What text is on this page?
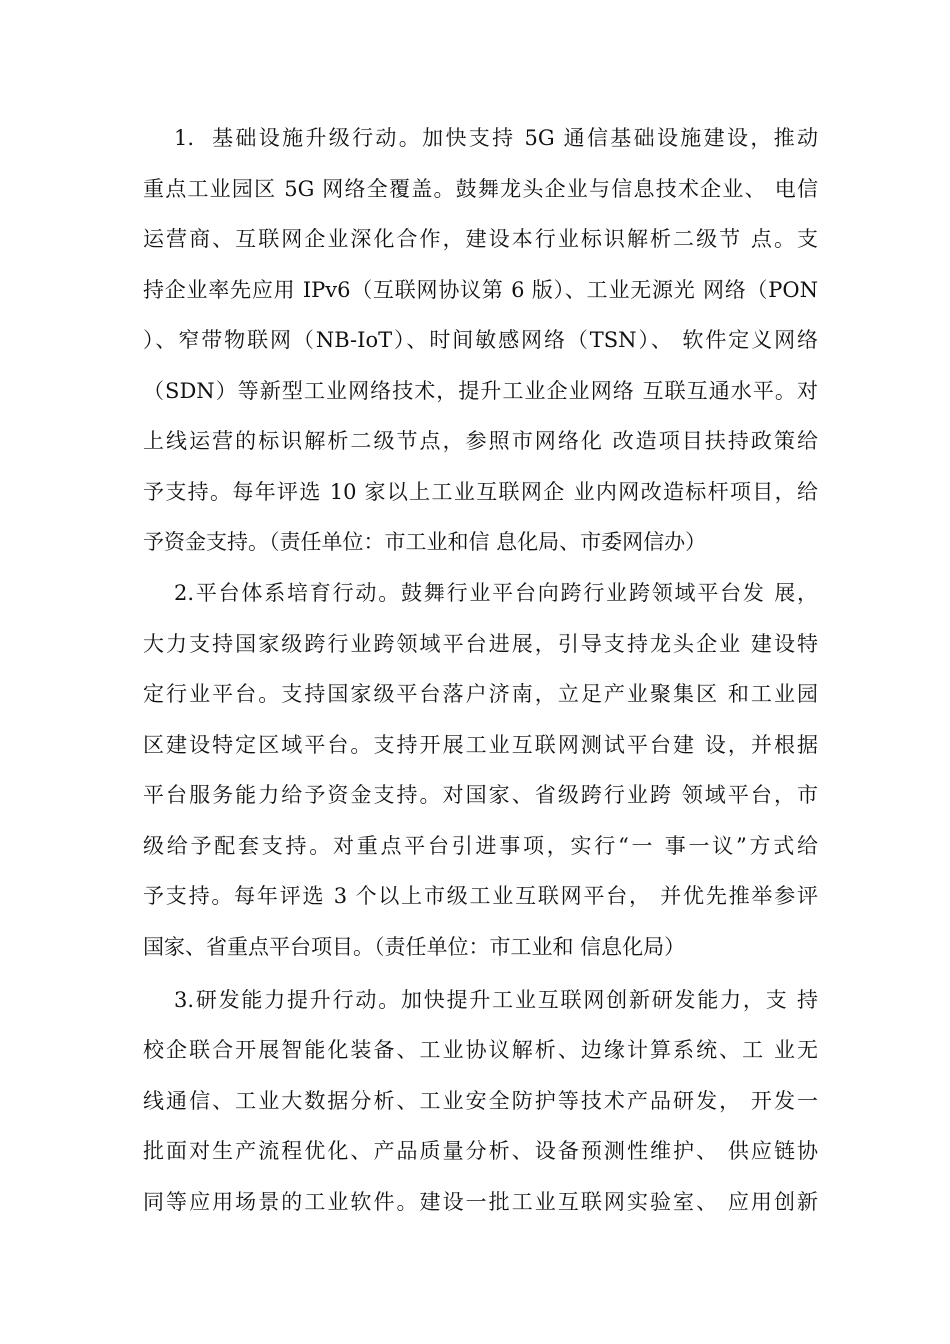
1.  基础设施升级行动。加快支持 5G 通信基础设施建设，推动
重点工业园区 5G 网络全覆盖。鼓舞龙头企业与信息技术企业、 电信
运营商、互联网企业深化合作，建设本行业标识解析二级节 点。支
持企业率先应用 IPv6（互联网协议第 6 版）、工业无源光 网络（PON
）、窄带物联网（NB-IoT）、时间敏感网络（TSN）、 软件定义网络
（SDN）等新型工业网络技术，提升工业企业网络 互联互通水平。对
上线运营的标识解析二级节点，参照市网络化 改造项目扶持政策给
予支持。每年评选 10 家以上工业互联网企 业内网改造标杆项目，给
予资金支持。（责任单位：市工业和信 息化局、市委网信办）
2.平台体系培育行动。鼓舞行业平台向跨行业跨领域平台发 展，
大力支持国家级跨行业跨领域平台进展，引导支持龙头企业 建设特
定行业平台。支持国家级平台落户济南，立足产业聚集区 和工业园
区建设特定区域平台。支持开展工业互联网测试平台建 设，并根据
平台服务能力给予资金支持。对国家、省级跨行业跨 领域平台，市
级给予配套支持。对重点平台引进事项，实行“一 事一议”方式给
予支持。每年评选 3 个以上市级工业互联网平台， 并优先推举参评
国家、省重点平台项目。（责任单位：市工业和 信息化局）
3.研发能力提升行动。加快提升工业互联网创新研发能力，支 持
校企联合开展智能化装备、工业协议解析、边缘计算系统、工 业无
线通信、工业大数据分析、工业安全防护等技术产品研发， 开发一
批面对生产流程优化、产品质量分析、设备预测性维护、 供应链协
同等应用场景的工业软件。建设一批工业互联网实验室、 应用创新
